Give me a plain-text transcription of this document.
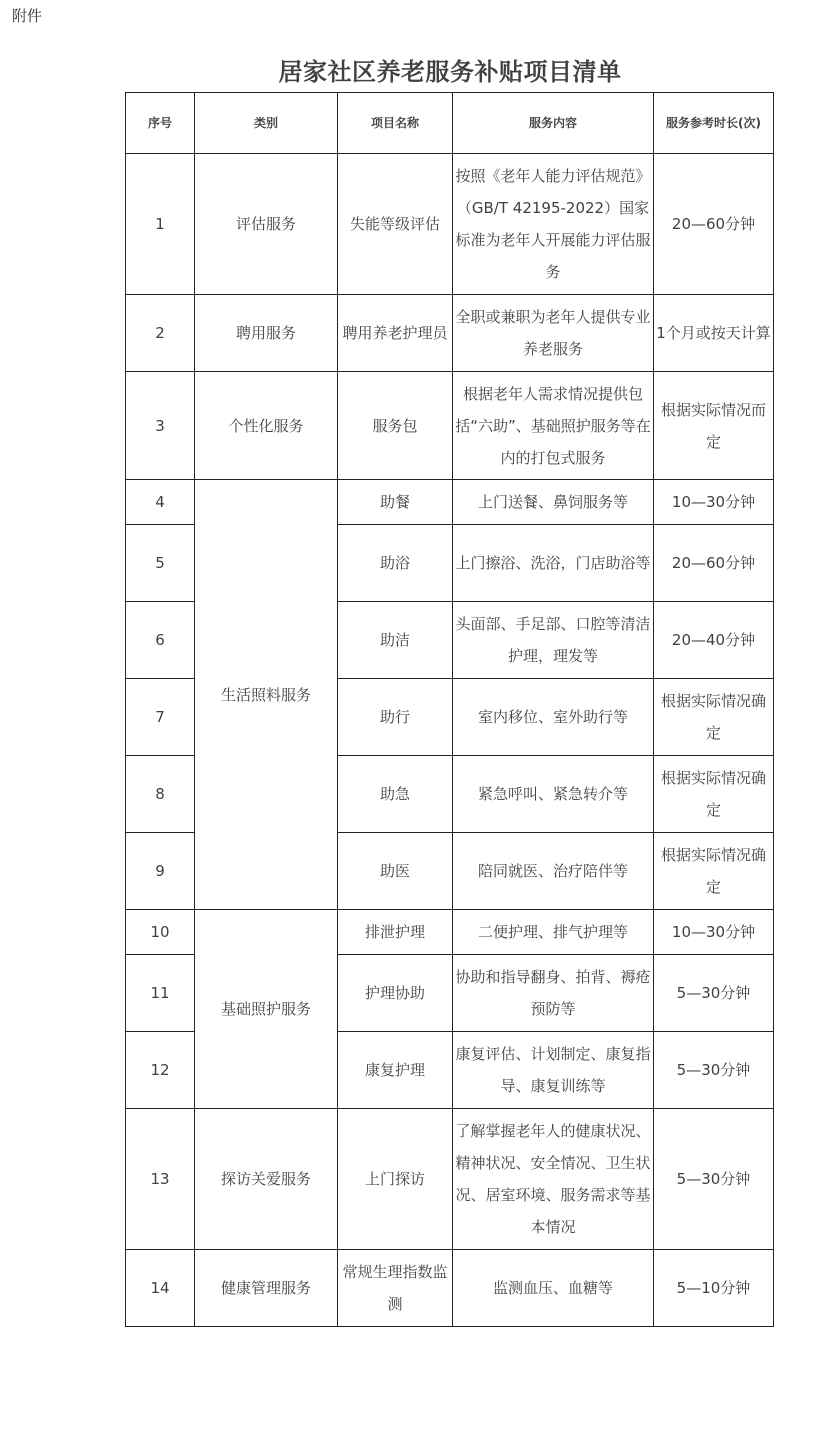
附件
居家社区养老服务补贴项目清单
序号	类别	项目名称	服务内容	服务参考时长(次)
1	评估服务	失能等级评估	按照《老年人能力评估规范》（GB/T 42195-2022）国家标准为老年人开展能力评估服务	20—60分钟
2	聘用服务	聘用养老护理员	全职或兼职为老年人提供专业养老服务	1个月或按天计算
3	个性化服务	服务包	根据老年人需求情况提供包括“六助”、基础照护服务等在内的打包式服务	根据实际情况而定
4	生活照料服务	助餐	上门送餐、鼻饲服务等	10—30分钟
5		助浴	上门擦浴、洗浴，门店助浴等	20—60分钟
6		助洁	头面部、手足部、口腔等清洁护理，理发等	20—40分钟
7		助行	室内移位、室外助行等	根据实际情况确定
8		助急	紧急呼叫、紧急转介等	根据实际情况确定
9		助医	陪同就医、治疗陪伴等	根据实际情况确定
10	基础照护服务	排泄护理	二便护理、排气护理等	10—30分钟
11		护理协助	协助和指导翻身、拍背、褥疮预防等	5—30分钟
12		康复护理	康复评估、计划制定、康复指导、康复训练等	5—30分钟
13	探访关爱服务	上门探访	了解掌握老年人的健康状况、精神状况、安全情况、卫生状况、居室环境、服务需求等基本情况	5—30分钟
14	健康管理服务	常规生理指数监测	监测血压、血糖等	5—10分钟
